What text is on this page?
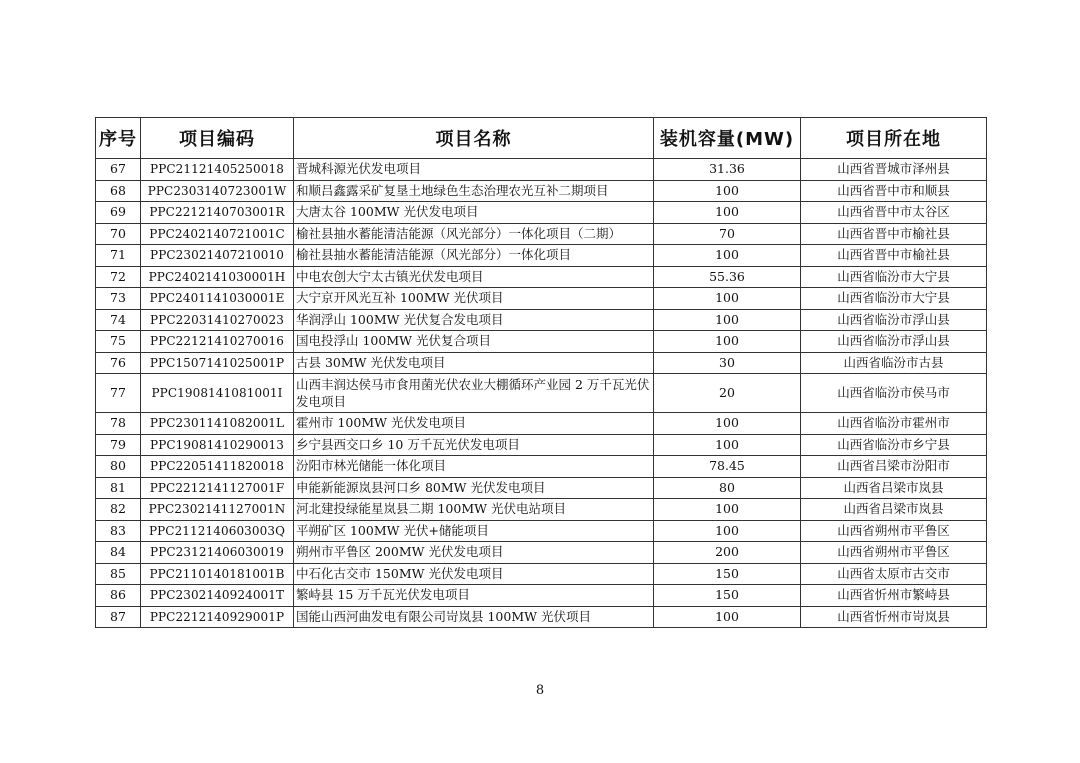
序号	项目编码	项目名称	装机容量(MW)	项目所在地
67	PPC21121405250018	晋城科源光伏发电项目	31.36	山西省晋城市泽州县
68	PPC2303140723001W	和顺吕鑫露采矿复垦土地绿色生态治理农光互补二期项目	100	山西省晋中市和顺县
69	PPC2212140703001R	大唐太谷 100MW 光伏发电项目	100	山西省晋中市太谷区
70	PPC2402140721001C	榆社县抽水蓄能清洁能源（风光部分）一体化项目（二期）	70	山西省晋中市榆社县
71	PPC23021407210010	榆社县抽水蓄能清洁能源（风光部分）一体化项目	100	山西省晋中市榆社县
72	PPC2402141030001H	中电农创大宁太古镇光伏发电项目	55.36	山西省临汾市大宁县
73	PPC2401141030001E	大宁京开风光互补 100MW 光伏项目	100	山西省临汾市大宁县
74	PPC22031410270023	华润浮山 100MW 光伏复合发电项目	100	山西省临汾市浮山县
75	PPC22121410270016	国电投浮山 100MW 光伏复合项目	100	山西省临汾市浮山县
76	PPC1507141025001P	古县 30MW 光伏发电项目	30	山西省临汾市古县
77	PPC1908141081001I	山西丰润达侯马市食用菌光伏农业大棚循环产业园 2 万千瓦光伏发电项目	20	山西省临汾市侯马市
78	PPC2301141082001L	霍州市 100MW 光伏发电项目	100	山西省临汾市霍州市
79	PPC19081410290013	乡宁县西交口乡 10 万千瓦光伏发电项目	100	山西省临汾市乡宁县
80	PPC22051411820018	汾阳市林光储能一体化项目	78.45	山西省吕梁市汾阳市
81	PPC2212141127001F	申能新能源岚县河口乡 80MW 光伏发电项目	80	山西省吕梁市岚县
82	PPC2302141127001N	河北建投绿能星岚县二期 100MW 光伏电站项目	100	山西省吕梁市岚县
83	PPC2112140603003Q	平朔矿区 100MW 光伏+储能项目	100	山西省朔州市平鲁区
84	PPC23121406030019	朔州市平鲁区 200MW 光伏发电项目	200	山西省朔州市平鲁区
85	PPC2110140181001B	中石化古交市 150MW 光伏发电项目	150	山西省太原市古交市
86	PPC2302140924001T	繁峙县 15 万千瓦光伏发电项目	150	山西省忻州市繁峙县
87	PPC2212140929001P	国能山西河曲发电有限公司岢岚县 100MW 光伏项目	100	山西省忻州市岢岚县
8
